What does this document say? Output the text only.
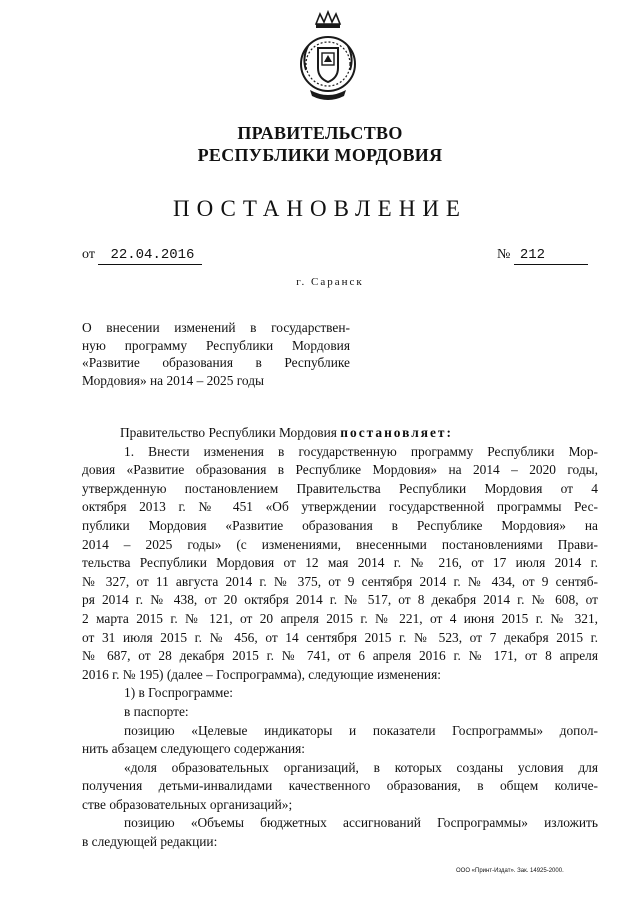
ПРАВИТЕЛЬСТВО
РЕСПУБЛИКИ МОРДОВИЯ
ПОСТАНОВЛЕНИЕ
от 22.04.2016	№ 212
г. Саранск
О внесении изменений в государствен-
ную программу Республики Мордовия
«Развитие образования в Республике
Мордовия» на 2014 – 2025 годы
Правительство Республики Мордовия постановляет:
1. Внести изменения в государственную программу Республики Мор-
довия «Развитие образования в Республике Мордовия» на 2014 – 2020 годы,
утвержденную постановлением Правительства Республики Мордовия от 4
октября 2013 г. № 451 «Об утверждении государственной программы Рес-
публики Мордовия «Развитие образования в Республике Мордовия» на
2014 – 2025 годы» (с изменениями, внесенными постановлениями Прави-
тельства Республики Мордовия от 12 мая 2014 г. № 216, от 17 июля 2014 г.
№ 327, от 11 августа 2014 г. № 375, от 9 сентября 2014 г. № 434, от 9 сентяб-
ря 2014 г. № 438, от 20 октября 2014 г. № 517, от 8 декабря 2014 г. № 608, от
2 марта 2015 г. № 121, от 20 апреля 2015 г. № 221, от 4 июня 2015 г. № 321,
от 31 июля 2015 г. № 456, от 14 сентября 2015 г. № 523, от 7 декабря 2015 г.
№ 687, от 28 декабря 2015 г. № 741, от 6 апреля 2016 г. № 171, от 8 апреля
2016 г. № 195) (далее – Госпрограмма), следующие изменения:
1) в Госпрограмме:
в паспорте:
позицию «Целевые индикаторы и показатели Госпрограммы» допол-
нить абзацем следующего содержания:
«доля образовательных организаций, в которых созданы условия для
получения детьми-инвалидами качественного образования, в общем количе-
стве образовательных организаций»;
позицию «Объемы бюджетных ассигнований Госпрограммы» изложить
в следующей редакции:
ООО «Принт-Издат». Зак. 14925-2000.
